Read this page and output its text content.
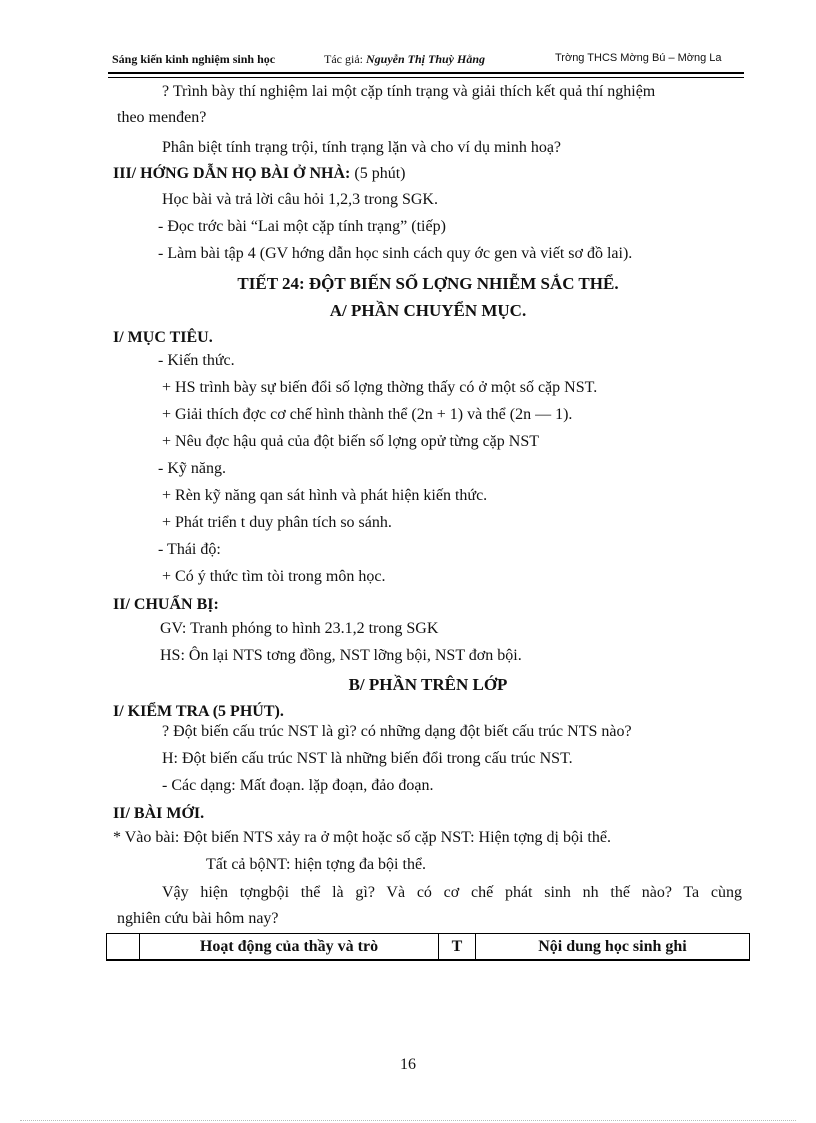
Sáng kiến kinh nghiệm sinh học	Tác giả: Nguyễn Thị Thuỳ Hằng	Trờng THCS Mờng Bú – Mờng La
? Trình bày thí nghiệm lai một cặp tính trạng và giải thích kết quả thí nghiệm
theo menđen?
Phân biệt tính trạng trội, tính trạng lặn và cho ví dụ minh hoạ?
III/ HỚNG DẪN HỌ BÀI Ở NHÀ: (5 phút)
Học bài và trả lời câu hỏi 1,2,3 trong SGK.
- Đọc trớc bài “Lai một cặp tính trạng” (tiếp)
- Làm bài tập 4 (GV hớng dẫn học sinh cách quy ớc gen và viết sơ đồ lai).
TIẾT 24: ĐỘT BIẾN SỐ LỢNG NHIỄM SẮC THỂ.
A/ PHẦN CHUYỂN MỤC.
I/ MỤC TIÊU.
- Kiến thức.
+ HS trình bày sự biến đổi số lợng thờng thấy có ở một số cặp NST.
+ Giải thích đợc cơ chế hình thành thể (2n + 1) và thể (2n — 1).
+ Nêu đợc hậu quả của đột biến số lợng opử từng cặp NST
- Kỹ năng.
+ Rèn kỹ năng qan sát hình và phát hiện kiến thức.
+ Phát triển t duy phân tích so sánh.
- Thái độ:
+ Có ý thức tìm tòi trong môn học.
II/ CHUẨN BỊ:
GV: Tranh phóng to hình 23.1,2 trong SGK
HS: Ôn lại NTS tơng đồng, NST lỡng bội, NST đơn bội.
B/ PHẦN TRÊN LỚP
I/ KIỂM TRA (5 PHÚT).
? Đột biến cấu trúc NST là gì? có những dạng đột biết cấu trúc NTS nào?
H: Đột biến cấu trúc NST là những biến đổi trong cấu trúc NST.
- Các dạng: Mất đoạn. lặp đoạn, đảo đoạn.
II/ BÀI MỚI.
* Vào bài: Đột biến NTS xảy ra ở một hoặc số cặp NST: Hiện tợng dị bội thể.
Tất cả bộNT: hiện tợng đa bội thể.
Vậy hiện tợngbội thể là gì? Và có cơ chế phát sinh nh thế nào? Ta cùng
nghiên cứu bài hôm nay?
Hoạt động của thầy và trò	T	Nội dung học sinh ghi
16
